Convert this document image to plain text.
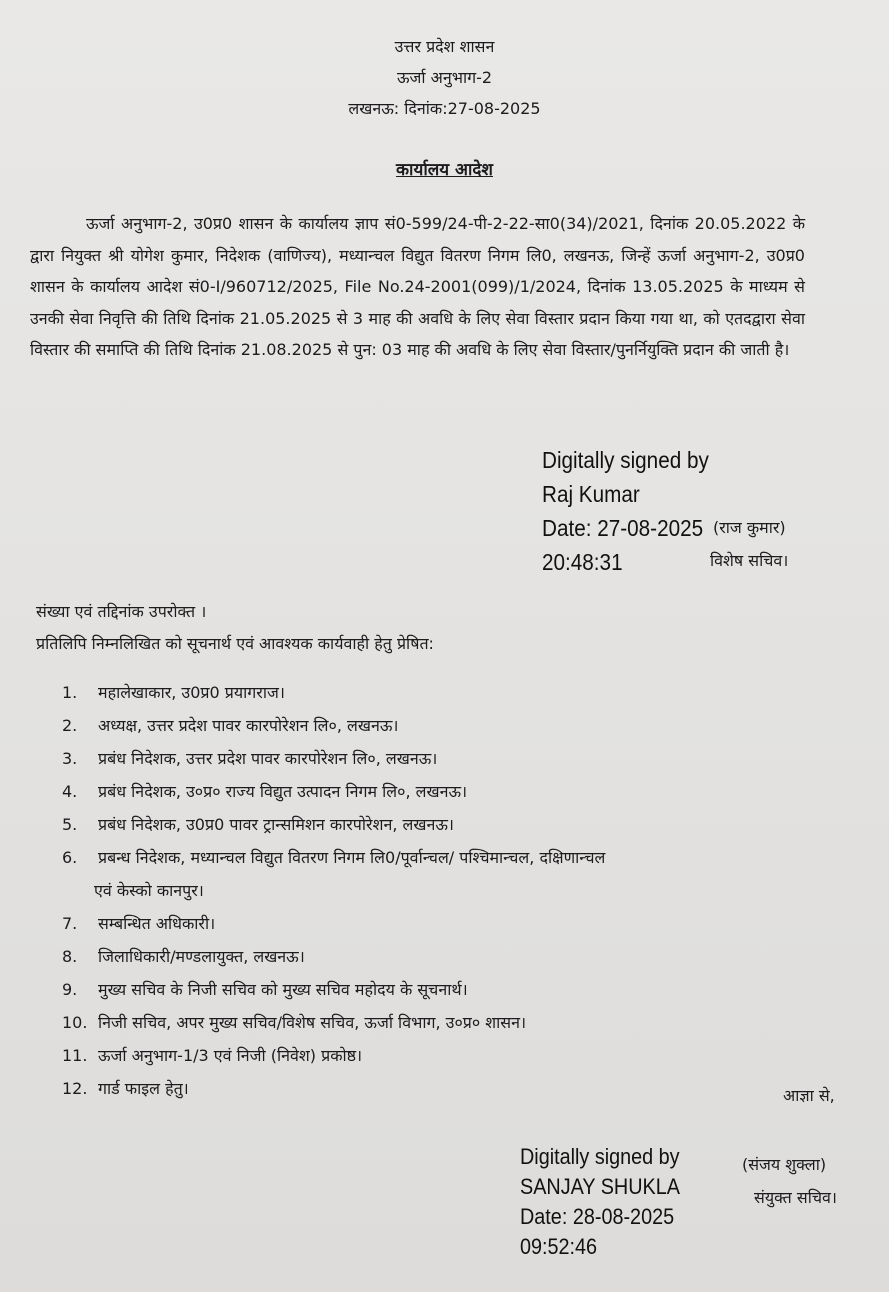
उत्तर प्रदेश शासन
ऊर्जा अनुभाग-2
लखनऊ: दिनांक:27-08-2025
कार्यालय आदेश
ऊर्जा अनुभाग-2, उ0प्र0 शासन के कार्यालय ज्ञाप सं0-599/24-पी-2-22-सा0(34)/2021, दिनांक 20.05.2022 के द्वारा नियुक्त श्री योगेश कुमार, निदेशक (वाणिज्य), मध्यान्चल विद्युत वितरण निगम लि0, लखनऊ, जिन्हें ऊर्जा अनुभाग-2, उ0प्र0 शासन के कार्यालय आदेश सं0-I/960712/2025, File No.24-2001(099)/1/2024, दिनांक 13.05.2025 के माध्यम से उनकी सेवा निवृत्ति की तिथि दिनांक 21.05.2025 से 3 माह की अवधि के लिए सेवा विस्तार प्रदान किया गया था, को एतदद्वारा सेवा विस्तार की समाप्ति की तिथि दिनांक 21.08.2025 से पुन: 03 माह की अवधि के लिए सेवा विस्तार/पुनर्नियुक्ति प्रदान की जाती है।
Digitally signed by
Raj Kumar
Date: 27-08-2025
20:48:31
(राज कुमार)
विशेष सचिव।
संख्या एवं तद्दिनांक उपरोक्त ।
प्रतिलिपि निम्नलिखित को सूचनार्थ एवं आवश्यक कार्यवाही हेतु प्रेषित:
1. महालेखाकार, उ0प्र0 प्रयागराज।
2. अध्यक्ष, उत्तर प्रदेश पावर कारपोरेशन लि०, लखनऊ।
3. प्रबंध निदेशक, उत्तर प्रदेश पावर कारपोरेशन लि०, लखनऊ।
4. प्रबंध निदेशक, उ०प्र० राज्य विद्युत उत्पादन निगम लि०, लखनऊ।
5. प्रबंध निदेशक, उ0प्र0 पावर ट्रान्समिशन कारपोरेशन, लखनऊ।
6. प्रबन्ध निदेशक, मध्यान्चल विद्युत वितरण निगम लि0/पूर्वान्चल/ पश्चिमान्चल, दक्षिणान्चल
एवं केस्को कानपुर।
7. सम्बन्धित अधिकारी।
8. जिलाधिकारी/मण्डलायुक्त, लखनऊ।
9. मुख्य सचिव के निजी सचिव को मुख्य सचिव महोदय के सूचनार्थ।
10. निजी सचिव, अपर मुख्य सचिव/विशेष सचिव, ऊर्जा विभाग, उ०प्र० शासन।
11. ऊर्जा अनुभाग-1/3 एवं निजी (निवेश) प्रकोष्ठ।
12. गार्ड फाइल हेतु।	आज्ञा से,
Digitally signed by
SANJAY SHUKLA
Date: 28-08-2025
09:52:46
(संजय शुक्ला)
संयुक्त सचिव।
